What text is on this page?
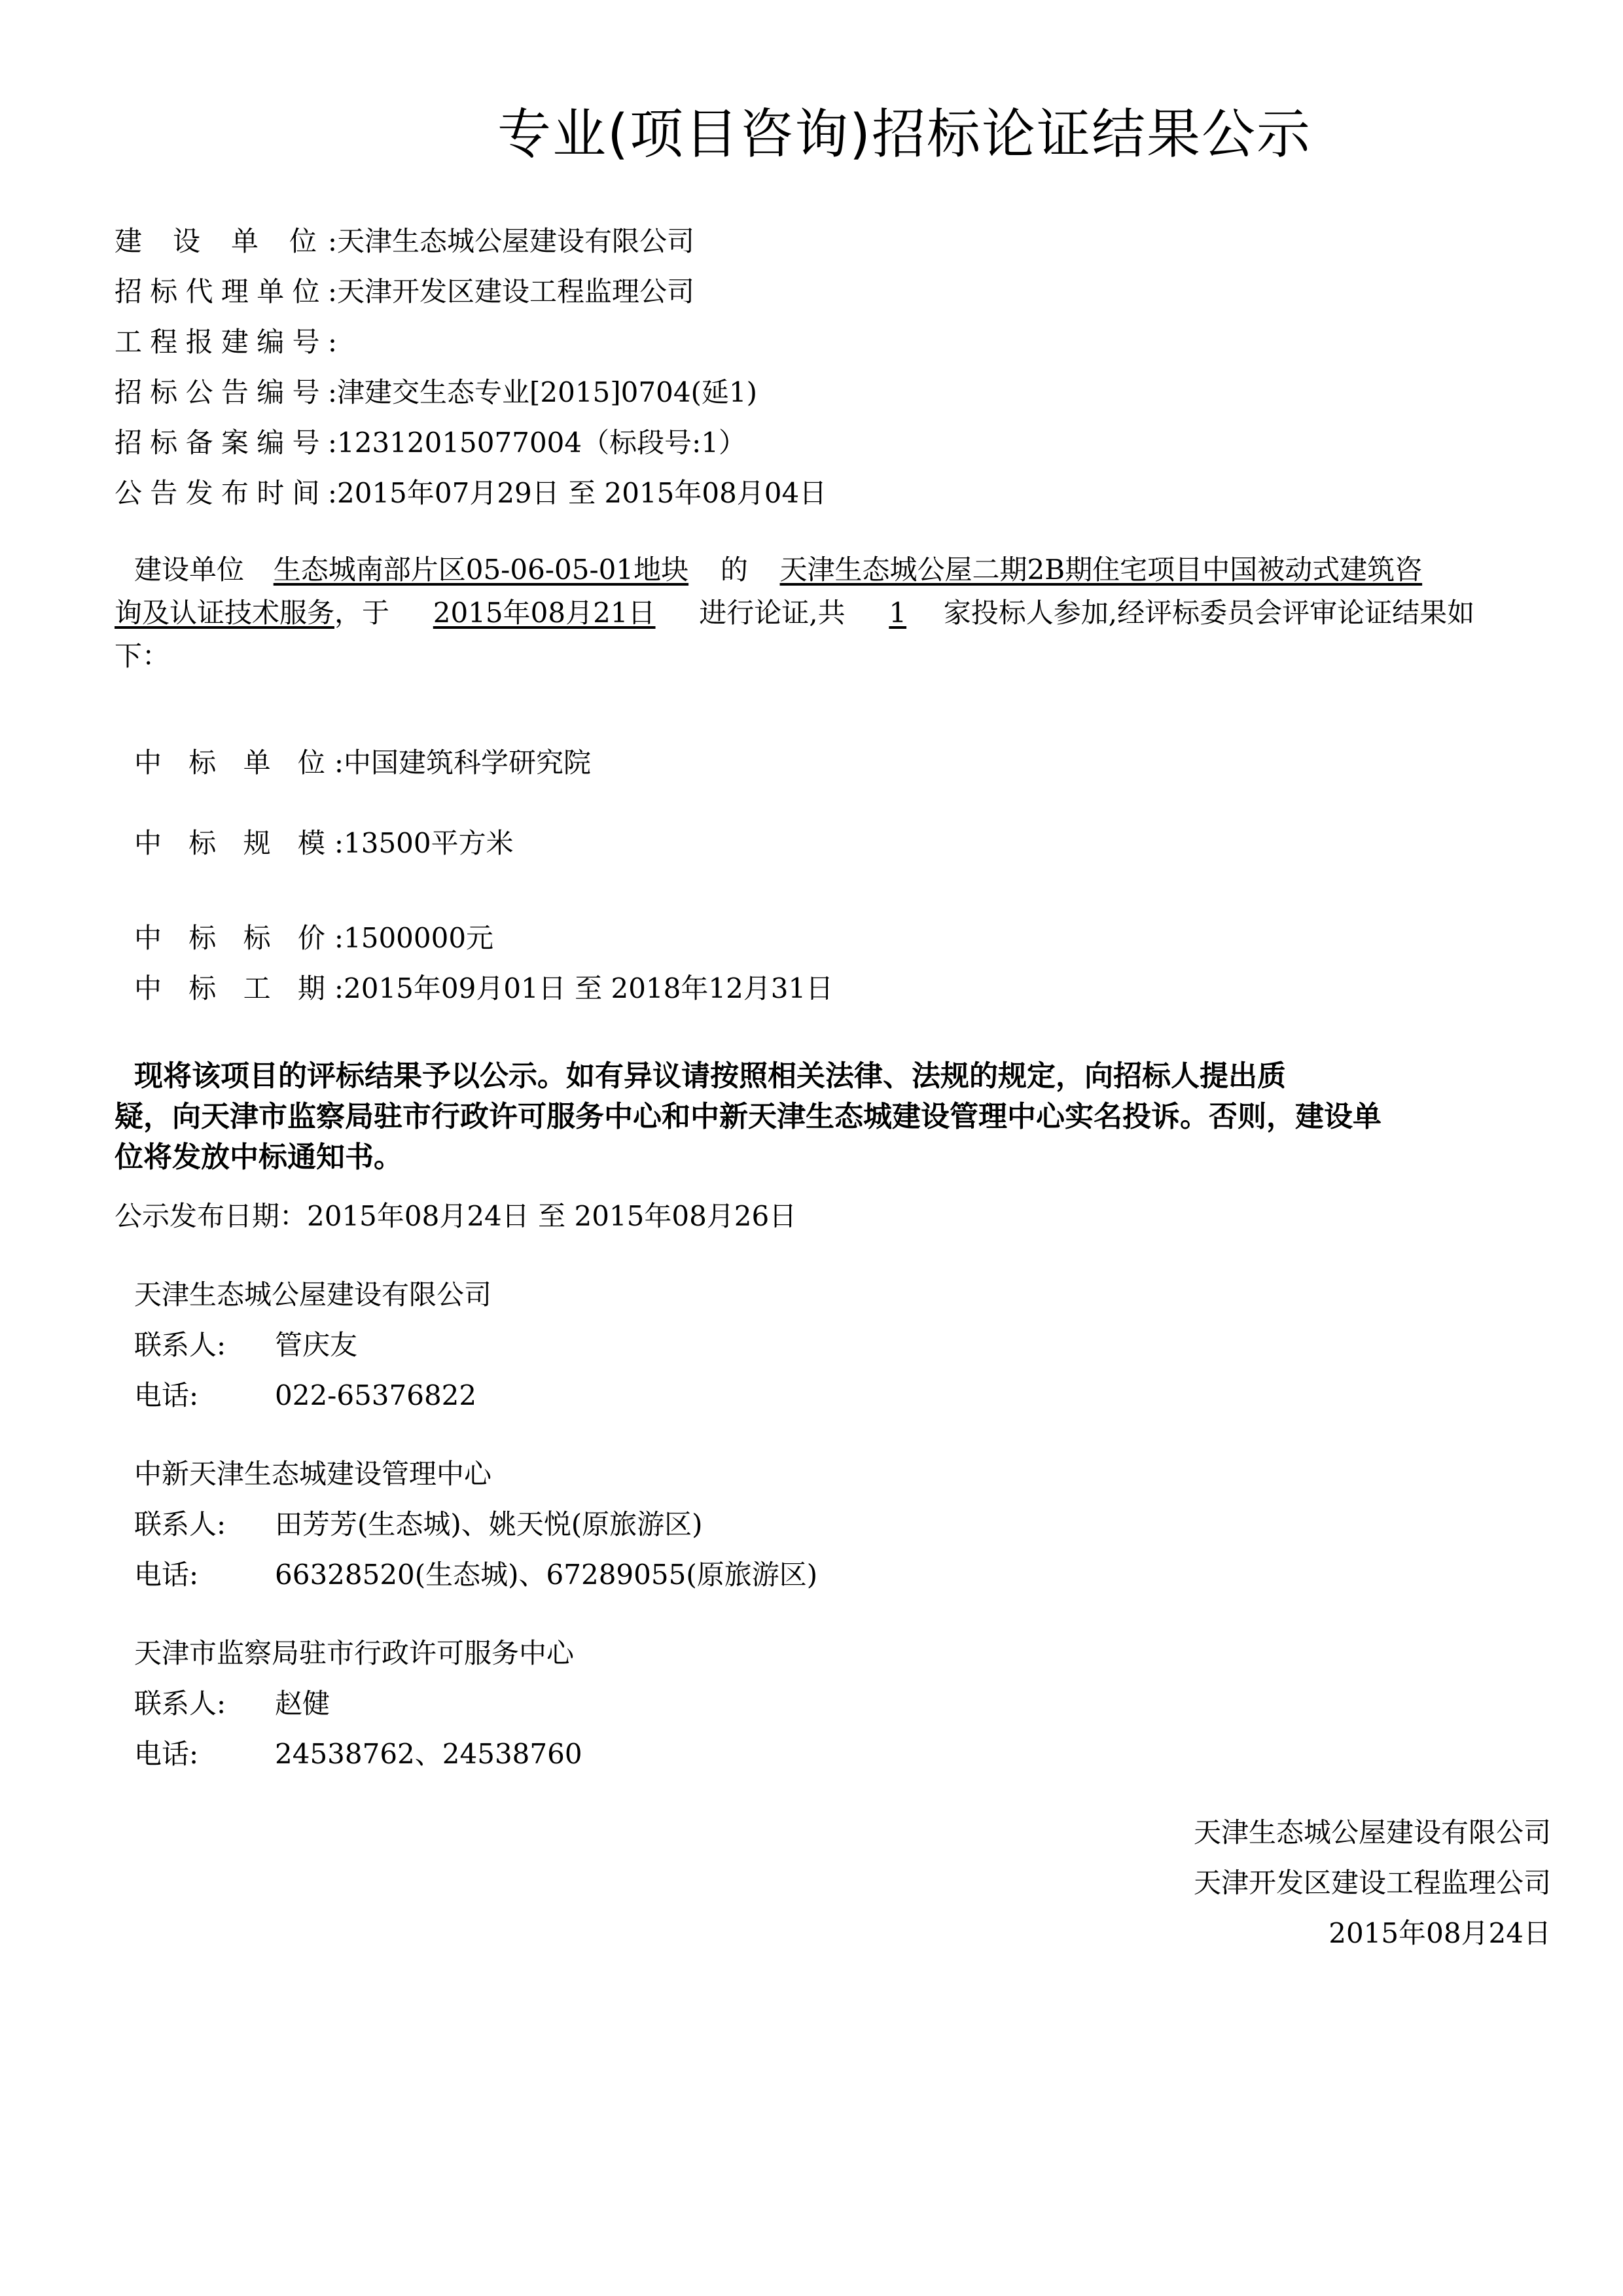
专业(项目咨询)招标论证结果公示
建 设 单 位: 天津生态城公屋建设有限公司
招标代理单位: 天津开发区建设工程监理公司
工程报建编号:
招标公告编号: 津建交生态专业[2015]0704(延1)
招标备案编号: 12312015077004（标段号:1）
公告发布时间: 2015年07月29日 至 2015年08月04日
建设单位 生态城南部片区05-06-05-01地块 的 天津生态城公屋二期2B期住宅项目中国被动式建筑咨
询及认证技术服务，于 2015年08月21日 进行论证,共 1 家投标人参加,经评标委员会评审论证结果如
下：
中 标 单 位: 中国建筑科学研究院
中 标 规 模: 13500平方米
中 标 标 价: 1500000元
中 标 工 期: 2015年09月01日 至 2018年12月31日
现将该项目的评标结果予以公示。如有异议请按照相关法律、法规的规定，向招标人提出质
疑，向天津市监察局驻市行政许可服务中心和中新天津生态城建设管理中心实名投诉。否则，建设单
位将发放中标通知书。
公示发布日期：2015年08月24日 至 2015年08月26日
天津生态城公屋建设有限公司
联系人: 管庆友
电话:	022-65376822
中新天津生态城建设管理中心
联系人: 田芳芳(生态城)、姚天悦(原旅游区)
电话:	66328520(生态城)、67289055(原旅游区)
天津市监察局驻市行政许可服务中心
联系人: 赵健
电话:	24538762、24538760
天津生态城公屋建设有限公司
天津开发区建设工程监理公司
2015年08月24日
